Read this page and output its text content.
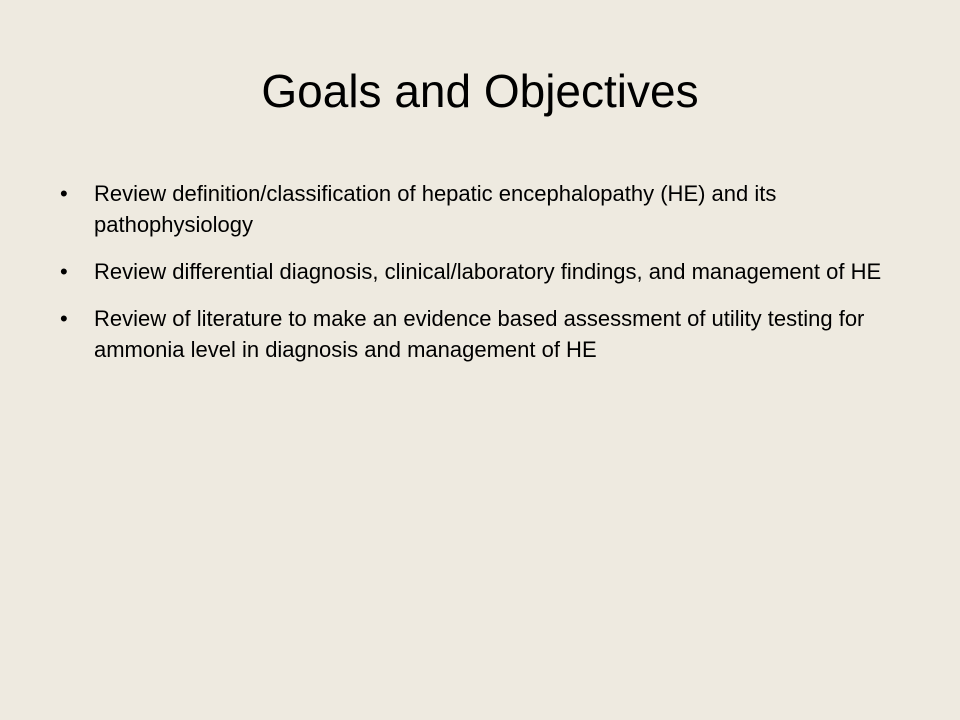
Goals and Objectives
• Review definition/classification of hepatic encephalopathy (HE) and its pathophysiology
• Review differential diagnosis, clinical/laboratory findings, and management of HE
• Review of literature to make an evidence based assessment of utility testing for ammonia level in diagnosis and management of HE
